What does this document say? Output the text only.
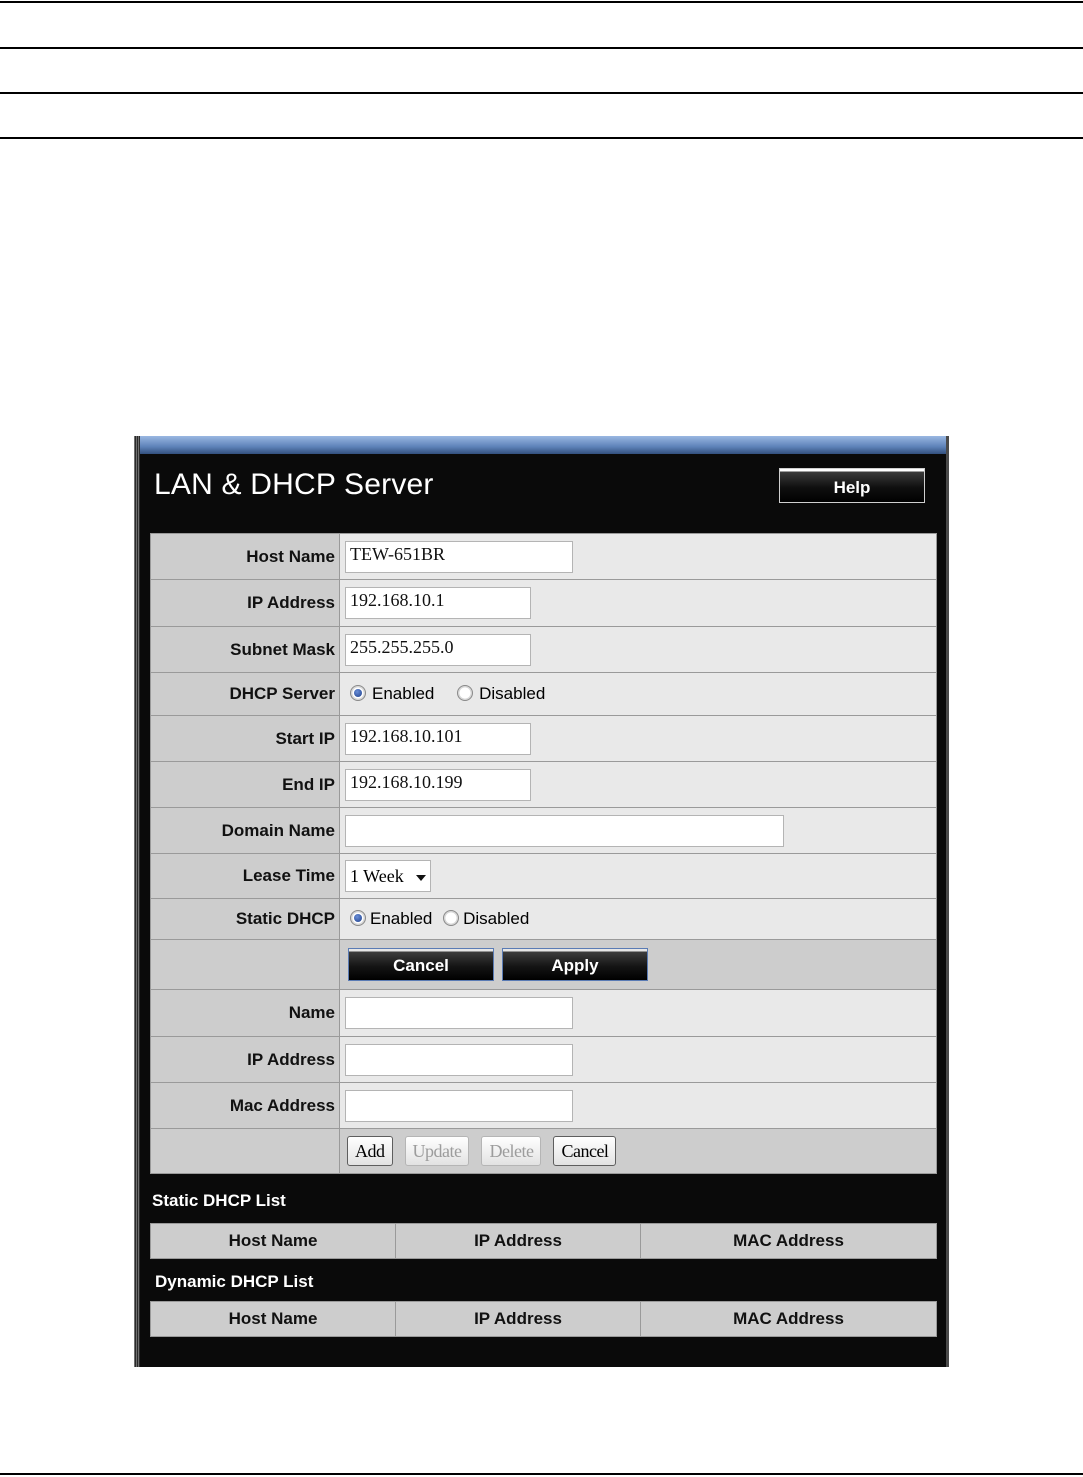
LAN & DHCP Server	Help
Host Name	TEW-651BR
IP Address	192.168.10.1
Subnet Mask	255.255.255.0
DHCP Server	Enabled Disabled
Start IP	192.168.10.101
End IP	192.168.10.199
Domain Name	
Lease Time	1 Week

Static DHCP	Enabled Disabled
	Cancel Apply
Name	
IP Address	
Mac Address	
	Add Update Delete Cancel
Static DHCP List
Host Name	IP Address	MAC Address
Dynamic DHCP List
Host Name	IP Address	MAC Address
